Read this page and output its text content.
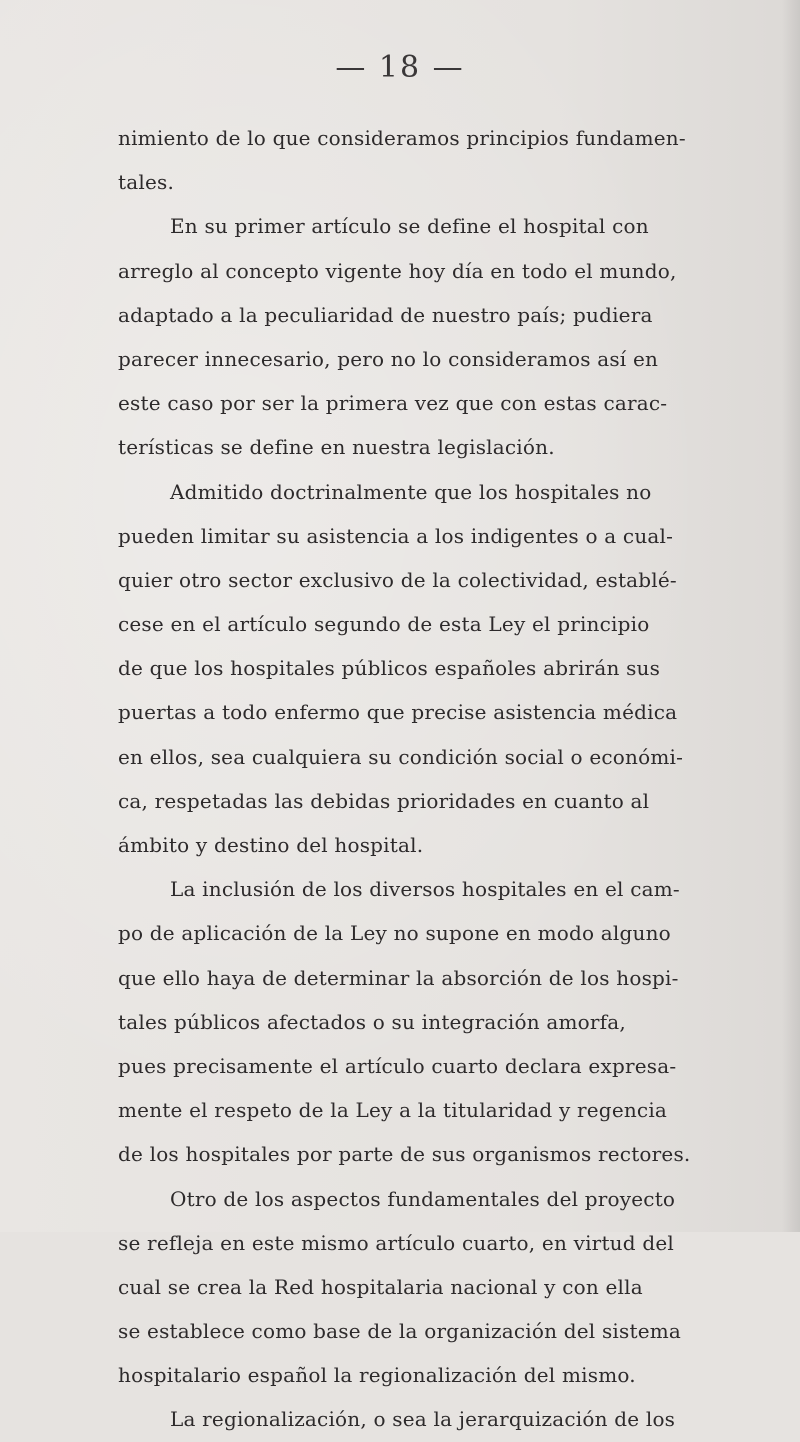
— 18 —
nimiento de lo que consideramos principios fundamen-
tales.
En su primer artículo se define el hospital con
arreglo al concepto vigente hoy día en todo el mundo,
adaptado a la peculiaridad de nuestro país; pudiera
parecer innecesario, pero no lo consideramos así en
este caso por ser la primera vez que con estas carac-
terísticas se define en nuestra legislación.
Admitido doctrinalmente que los hospitales no
pueden limitar su asistencia a los indigentes o a cual-
quier otro sector exclusivo de la colectividad, establé-
cese en el artículo segundo de esta Ley el principio
de que los hospitales públicos españoles abrirán sus
puertas a todo enfermo que precise asistencia médica
en ellos, sea cualquiera su condición social o económi-
ca, respetadas las debidas prioridades en cuanto al
ámbito y destino del hospital.
La inclusión de los diversos hospitales en el cam-
po de aplicación de la Ley no supone en modo alguno
que ello haya de determinar la absorción de los hospi-
tales públicos afectados o su integración amorfa,
pues precisamente el artículo cuarto declara expresa-
mente el respeto de la Ley a la titularidad y regencia
de los hospitales por parte de sus organismos rectores.
Otro de los aspectos fundamentales del proyecto
se refleja en este mismo artículo cuarto, en virtud del
cual se crea la Red hospitalaria nacional y con ella
se establece como base de la organización del sistema
hospitalario español la regionalización del mismo.
La regionalización, o sea la jerarquización de los
